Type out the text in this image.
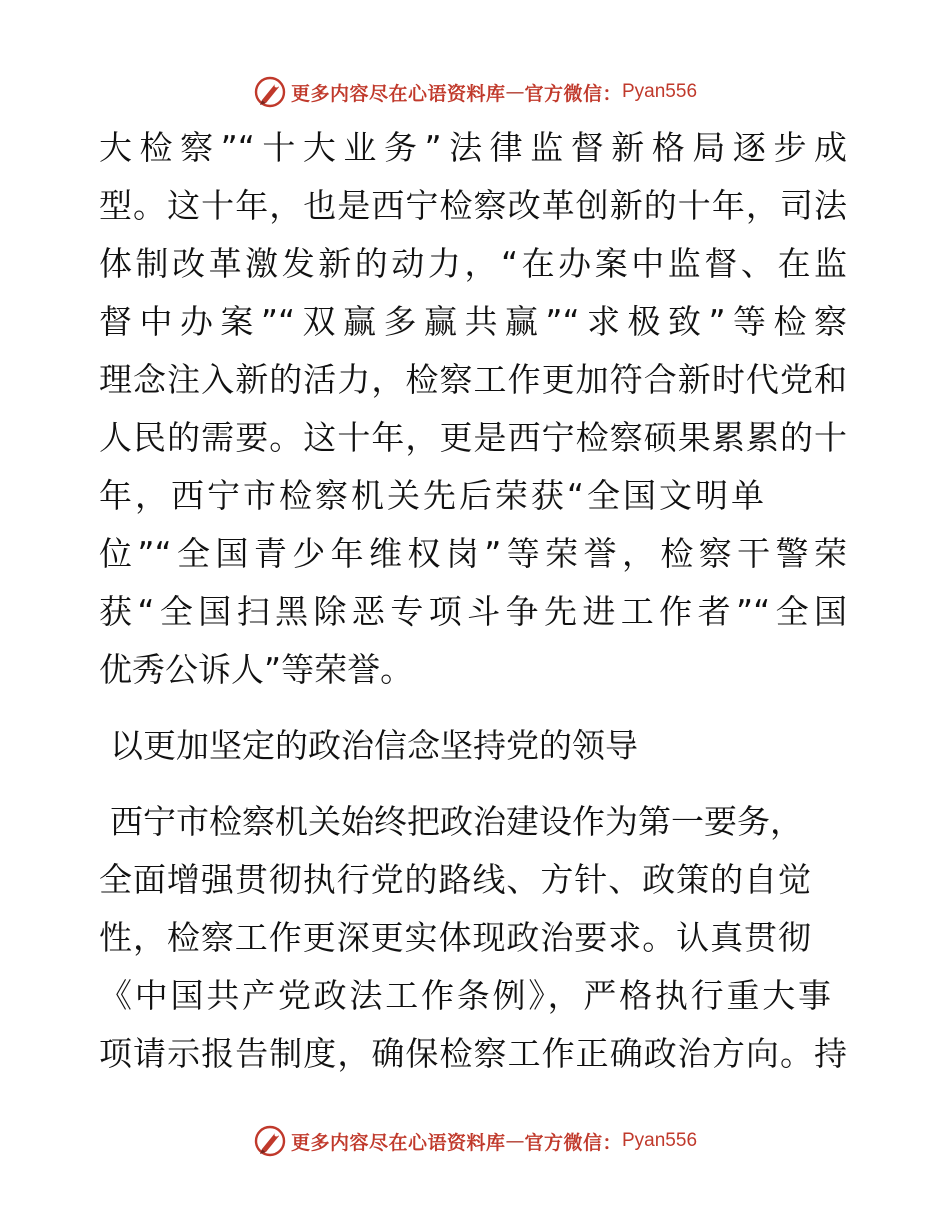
更多内容尽在心语资料库 — 官方微信： Pyan556
大检察”“十大业务”法律监督新格局逐步成
型。这十年，也是西宁检察改革创新的十年，司法
体制改革激发新的动力，“在办案中监督、在监
督中办案”“双赢多赢共赢”“求极致”等检察
理念注入新的活力，检察工作更加符合新时代党和
人民的需要。这十年，更是西宁检察硕果累累的十
年，西宁市检察机关先后荣获“全国文明单
位”“全国青少年维权岗”等荣誉，检察干警荣
获“全国扫黑除恶专项斗争先进工作者”“全国
优秀公诉人”等荣誉。
以更加坚定的政治信念坚持党的领导
西宁市检察机关始终把政治建设作为第一要务，
全面增强贯彻执行党的路线、方针、政策的自觉
性，检察工作更深更实体现政治要求。认真贯彻
《中国共产党政法工作条例》，严格执行重大事
项请示报告制度，确保检察工作正确政治方向。持
更多内容尽在心语资料库 — 官方微信： Pyan556
